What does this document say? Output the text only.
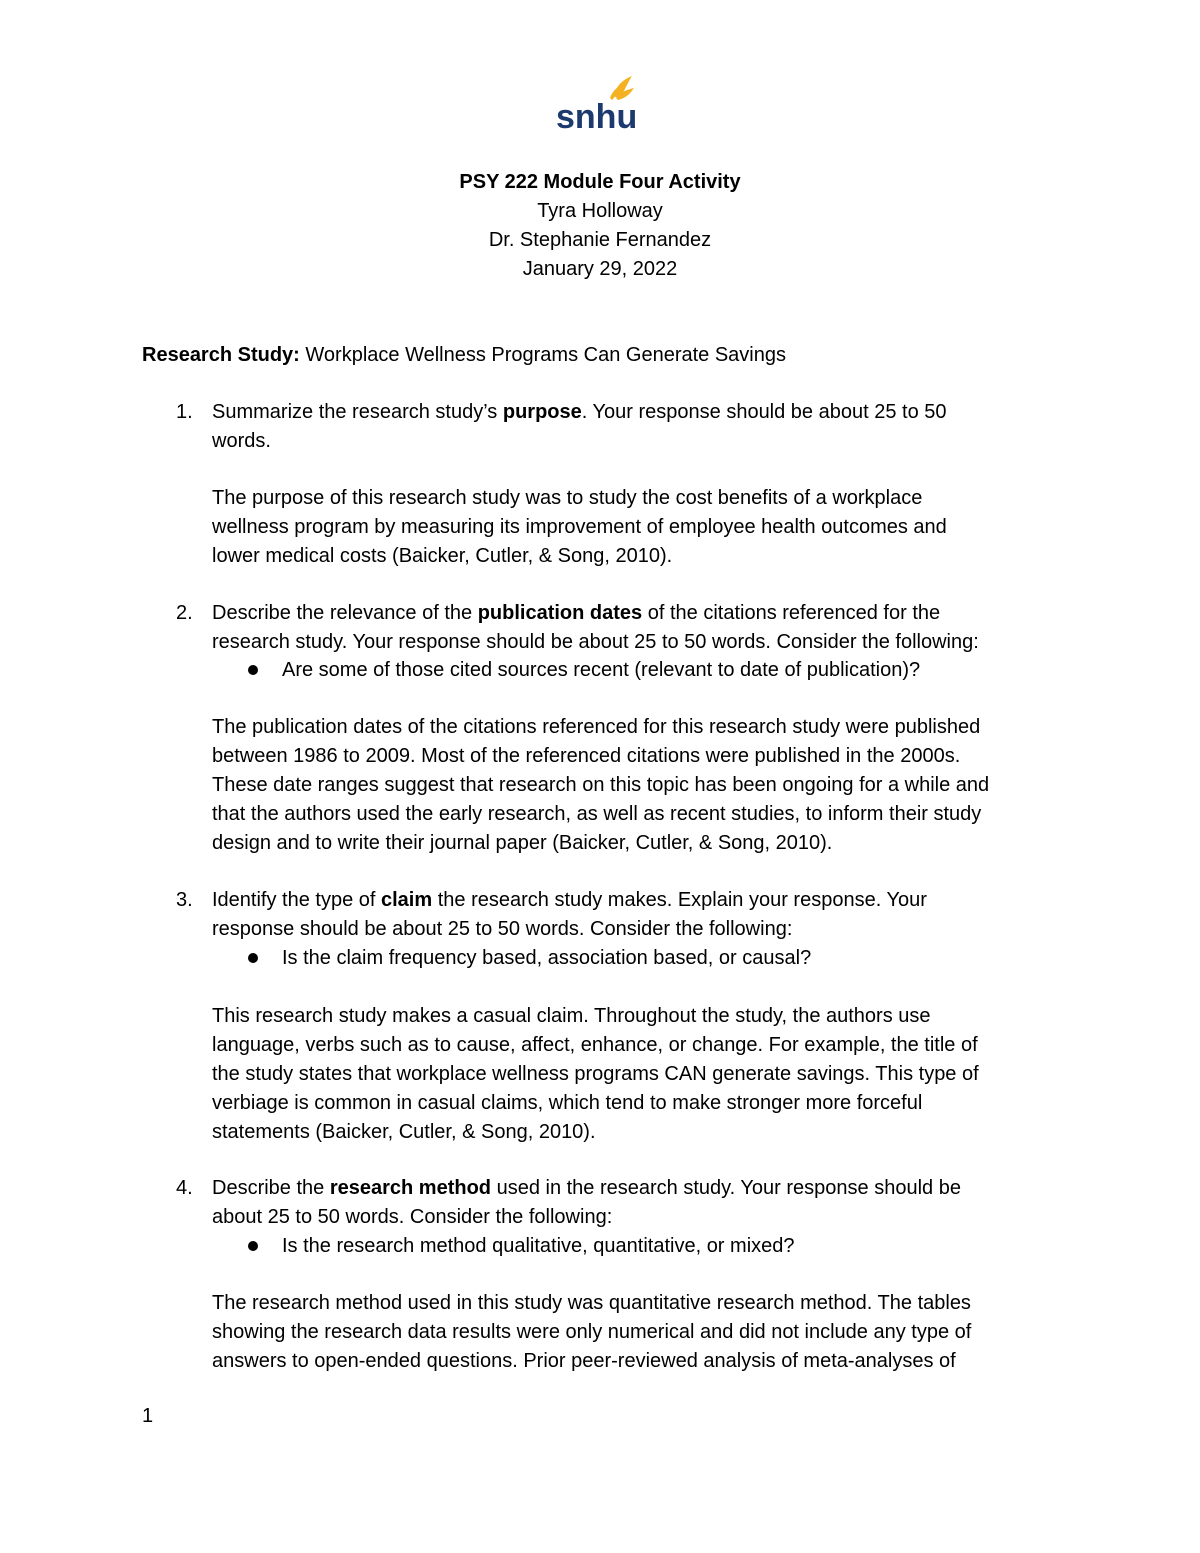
snhu
PSY 222 Module Four Activity
Tyra Holloway
Dr. Stephanie Fernandez
January 29, 2022
Research Study: Workplace Wellness Programs Can Generate Savings
1. Summarize the research study’s purpose. Your response should be about 25 to 50
words.
The purpose of this research study was to study the cost benefits of a workplace
wellness program by measuring its improvement of employee health outcomes and
lower medical costs (Baicker, Cutler, & Song, 2010).
2. Describe the relevance of the publication dates of the citations referenced for the
research study. Your response should be about 25 to 50 words. Consider the following:
Are some of those cited sources recent (relevant to date of publication)?
The publication dates of the citations referenced for this research study were published
between 1986 to 2009. Most of the referenced citations were published in the 2000s.
These date ranges suggest that research on this topic has been ongoing for a while and
that the authors used the early research, as well as recent studies, to inform their study
design and to write their journal paper (Baicker, Cutler, & Song, 2010).
3. Identify the type of claim the research study makes. Explain your response. Your
response should be about 25 to 50 words. Consider the following:
Is the claim frequency based, association based, or causal?
This research study makes a casual claim. Throughout the study, the authors use
language, verbs such as to cause, affect, enhance, or change. For example, the title of
the study states that workplace wellness programs CAN generate savings. This type of
verbiage is common in casual claims, which tend to make stronger more forceful
statements (Baicker, Cutler, & Song, 2010).
4. Describe the research method used in the research study. Your response should be
about 25 to 50 words. Consider the following:
Is the research method qualitative, quantitative, or mixed?
The research method used in this study was quantitative research method. The tables
showing the research data results were only numerical and did not include any type of
answers to open-ended questions. Prior peer-reviewed analysis of meta-analyses of
1
